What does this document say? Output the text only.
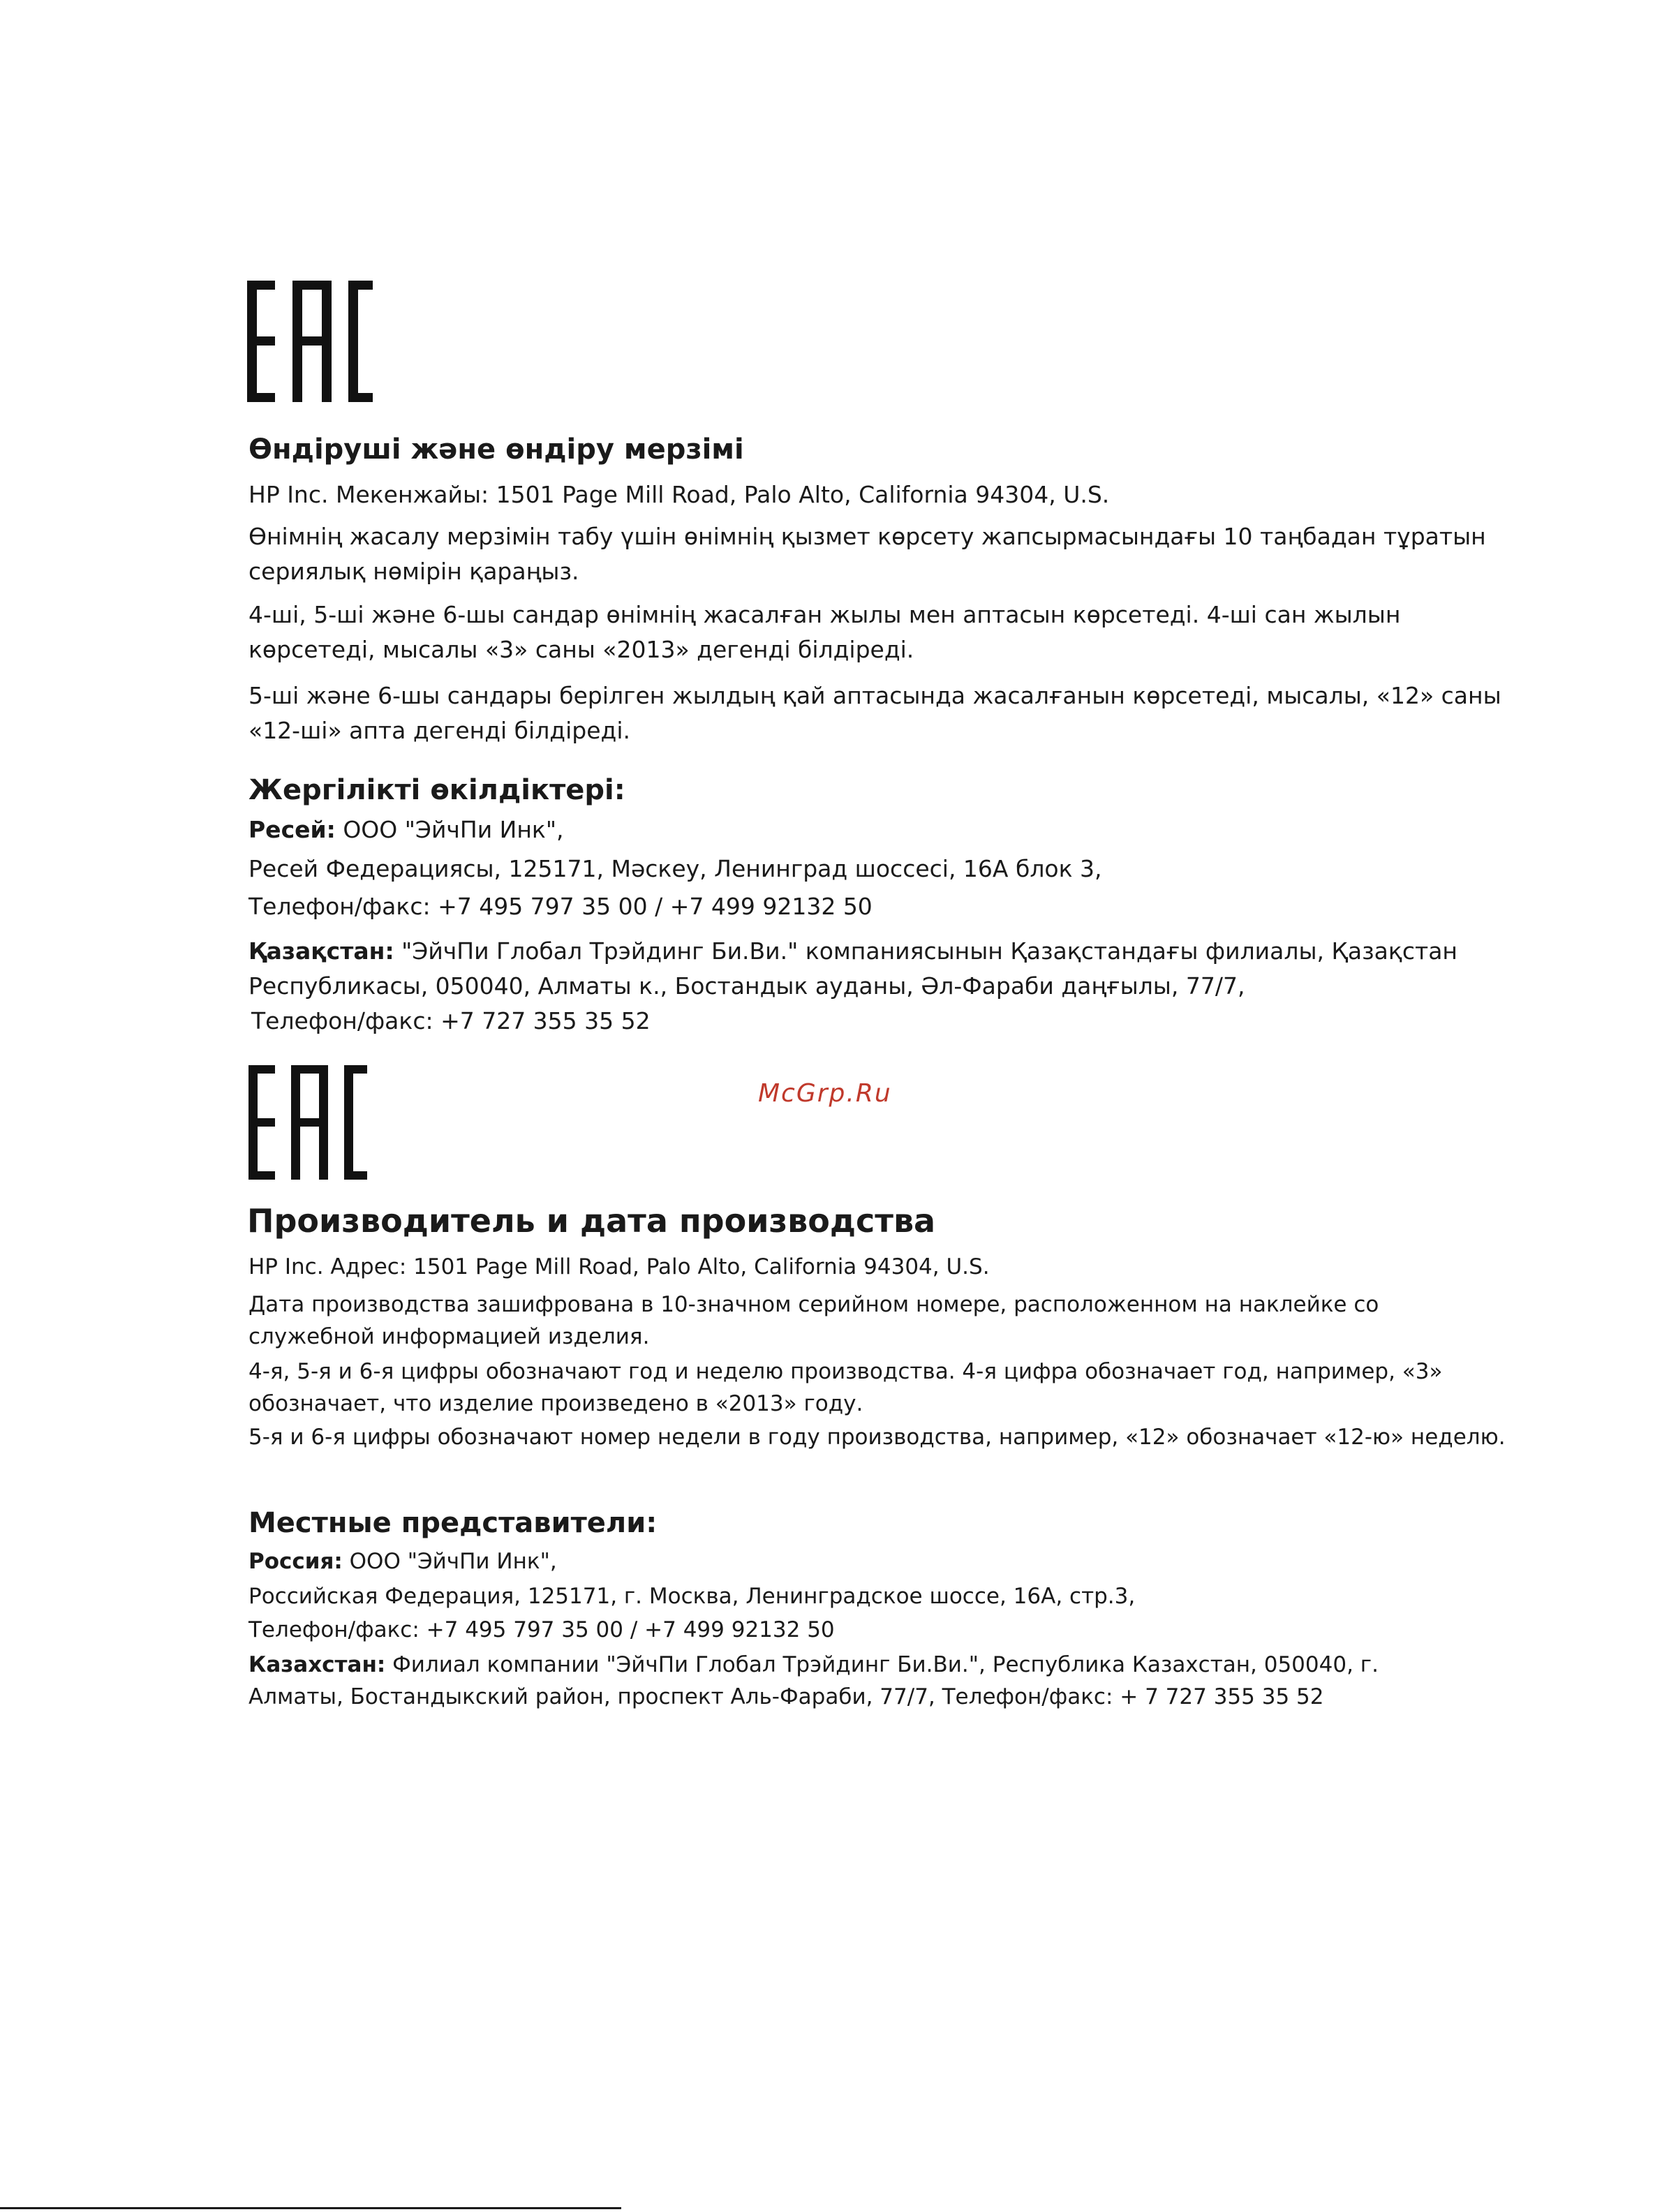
Өндіруші және өндіру мерзімі

HP Inc. Мекенжайы: 1501 Page Mill Road, Palo Alto, California 94304, U.S.

Өнімнің жасалу мерзімін табу үшін өнімнің қызмет көрсету жапсырмасындағы 10 таңбадан тұратын

сериялық нөмірін қараңыз.

4-ші, 5-ші және 6-шы сандар өнімнің жасалған жылы мен аптасын көрсетеді. 4-ші сан жылын

көрсетеді, мысалы «3» саны «2013» дегенді білдіреді.

5-ші және 6-шы сандары берілген жылдың қай аптасында жасалғанын көрсетеді, мысалы, «12» саны

«12-ші» апта дегенді білдіреді.

Жергілікті өкілдіктері:

Ресей: ООО "ЭйчПи Инк",

Ресей Федерациясы, 125171, Мәскеу, Ленинград шоссесі, 16A блок 3,

Телефон/факс: +7 495 797 35 00 / +7 499 92132 50

Қазақстан: "ЭйчПи Глобал Трэйдинг Би.Ви." компаниясынын Қазақстандағы филиалы, Қазақстан

Республикасы, 050040, Алматы к., Бостандык ауданы, Әл-Фараби даңғылы, 77/7,

Телефон/факс: +7 727 355 35 52

McGrp.Ru
Производитель и дата производства

HP Inc. Адрес: 1501 Page Mill Road, Palo Alto, California 94304, U.S.

Дата производства зашифрована в 10-значном серийном номере, расположенном на наклейке со

служебной информацией изделия.

4-я, 5-я и 6-я цифры обозначают год и неделю производства. 4-я цифра обозначает год, например, «3»

обозначает, что изделие произведено в «2013» году.

5-я и 6-я цифры обозначают номер недели в году производства, например, «12» обозначает «12-ю» неделю.

Местные представители:

Россия: ООО "ЭйчПи Инк",

Российская Федерация, 125171, г. Москва, Ленинградское шоссе, 16A, стр.3,

Телефон/факс: +7 495 797 35 00 / +7 499 92132 50

Казахстан: Филиал компании "ЭйчПи Глобал Трэйдинг Би.Ви.", Республика Казахстан, 050040, г.

Алматы, Бостандыкский район, проспект Аль-Фараби, 77/7, Телефон/факс: + 7 727 355 35 52
